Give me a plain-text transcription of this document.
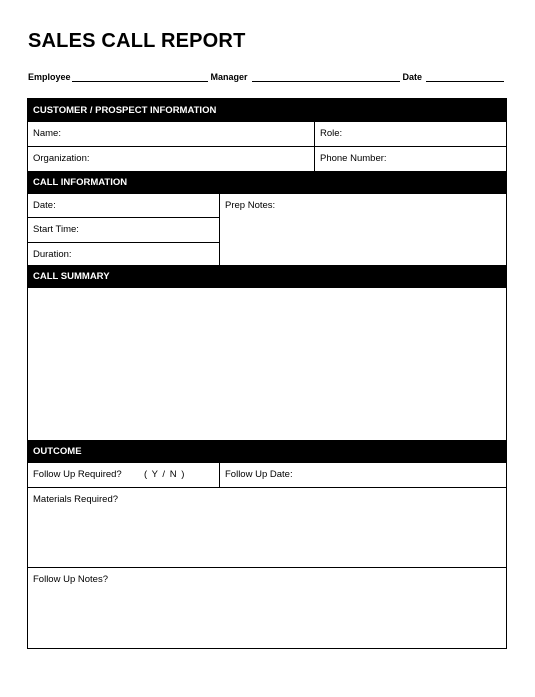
SALES CALL REPORT
Employee	Manager	Date
CUSTOMER / PROSPECT INFORMATION
Name:	Role:
Organization:	Phone Number:
CALL INFORMATION
Date:
Start Time:
Duration:
Prep Notes:
CALL SUMMARY
OUTCOME
Follow Up Required?	( Y / N )	Follow Up Date:
Materials Required?
Follow Up Notes?
